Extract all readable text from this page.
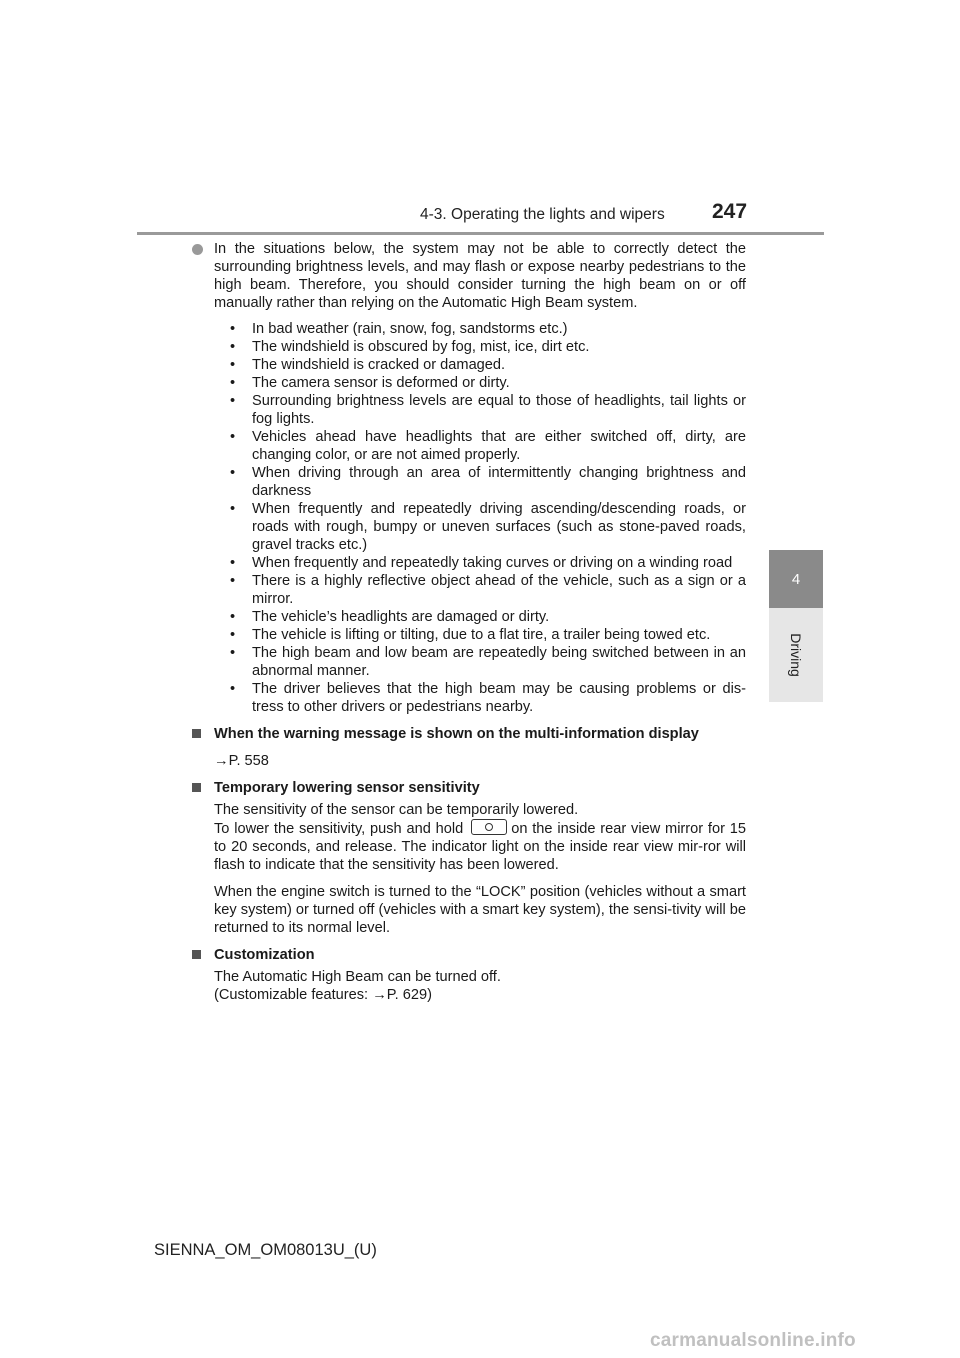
4-3. Operating the lights and wipers 247
4
Driving

In the situations below, the system may not be able to correctly detect the surrounding brightness levels, and may flash or expose nearby pedestrians to the high beam. Therefore, you should consider turning the high beam on or off manually rather than relying on the Automatic High Beam system.

• In bad weather (rain, snow, fog, sandstorms etc.)
• The windshield is obscured by fog, mist, ice, dirt etc.
• The windshield is cracked or damaged.
• The camera sensor is deformed or dirty.
• Surrounding brightness levels are equal to those of headlights, tail lights or fog lights.
• Vehicles ahead have headlights that are either switched off, dirty, are changing color, or are not aimed properly.
• When driving through an area of intermittently changing brightness and darkness
• When frequently and repeatedly driving ascending/descending roads, or roads with rough, bumpy or uneven surfaces (such as stone-paved roads, gravel tracks etc.)
• When frequently and repeatedly taking curves or driving on a winding road
• There is a highly reflective object ahead of the vehicle, such as a sign or a mirror.
• The vehicle’s headlights are damaged or dirty.
• The vehicle is lifting or tilting, due to a flat tire, a trailer being towed etc.
• The high beam and low beam are repeatedly being switched between in an abnormal manner.
• The driver believes that the high beam may be causing problems or dis-tress to other drivers or pedestrians nearby.

When the warning message is shown on the multi-information display

→P. 558

Temporary lowering sensor sensitivity

The sensitivity of the sensor can be temporarily lowered.
To lower the sensitivity, push and hold	on the inside rear view mirror for 15 to 20 seconds, and release. The indicator light on the inside rear view mir-ror will flash to indicate that the sensitivity has been lowered.

When the engine switch is turned to the “LOCK” position (vehicles without a smart key system) or turned off (vehicles with a smart key system), the sensi-tivity will be returned to its normal level.

Customization

The Automatic High Beam can be turned off.
(Customizable features: →P. 629)

SIENNA_OM_OM08013U_(U)
carmanualsonline.info
